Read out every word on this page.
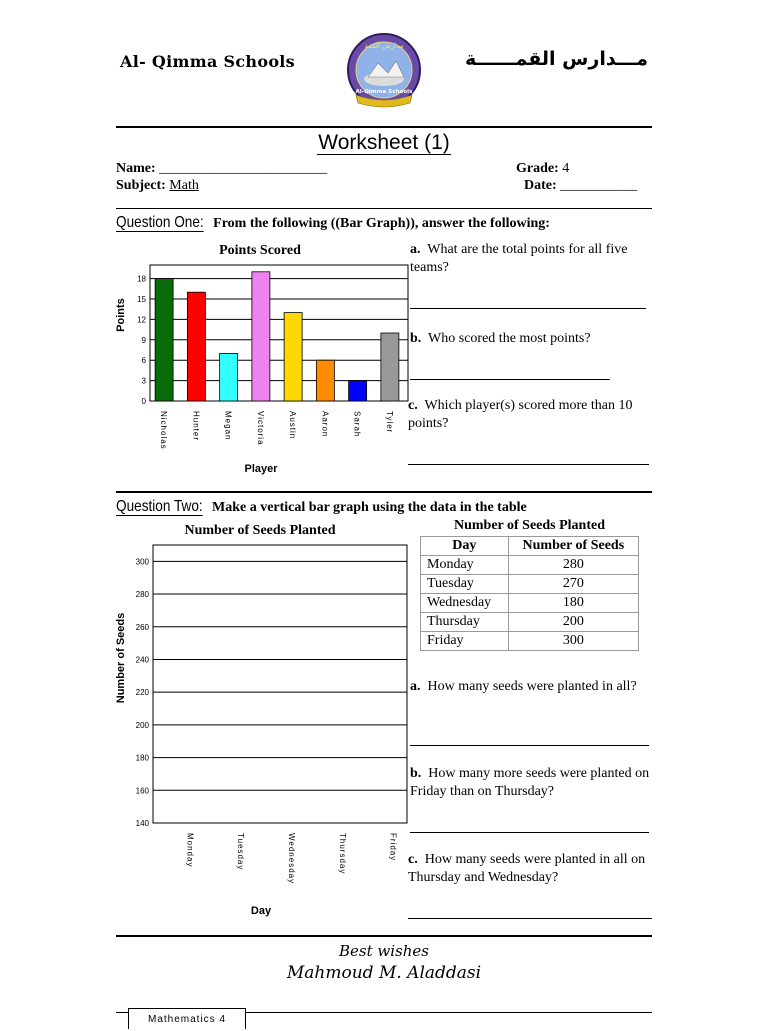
Al- Qimma Schools
مدارس القمة
Al-Qimma Schools
مـــدارس القمــــــة
Worksheet (1)
Name: ________________________	Grade: 4
Subject: Math	Date: ___________
Question One: From the following ((Bar Graph)), answer the following:
Points Scored
0
3
6
9
12
15
18
Nicholas	Hunter	Megan	Victoria	Austin	Aaron	Sarah	Tyler
Player
Points
a. What are the total points for all five teams?
b. Who scored the most points?
c. Which player(s) scored more than 10 points?
Question Two: Make a vertical bar graph using the data in the table
Number of Seeds Planted
140
160
180
200
220
240
260
280
300
Monday	Tuesday	Wednesday	Thursday	Friday
Day
Number of Seeds
Number of Seeds Planted
Day	Number of Seeds
Monday	280
Tuesday	270
Wednesday	180
Thursday	200
Friday	300
a. How many seeds were planted in all?
b. How many more seeds were planted on Friday than on Thursday?
c. How many seeds were planted in all on Thursday and Wednesday?
Best wishes
Mahmoud M. Aladdasi
Mathematics 4
